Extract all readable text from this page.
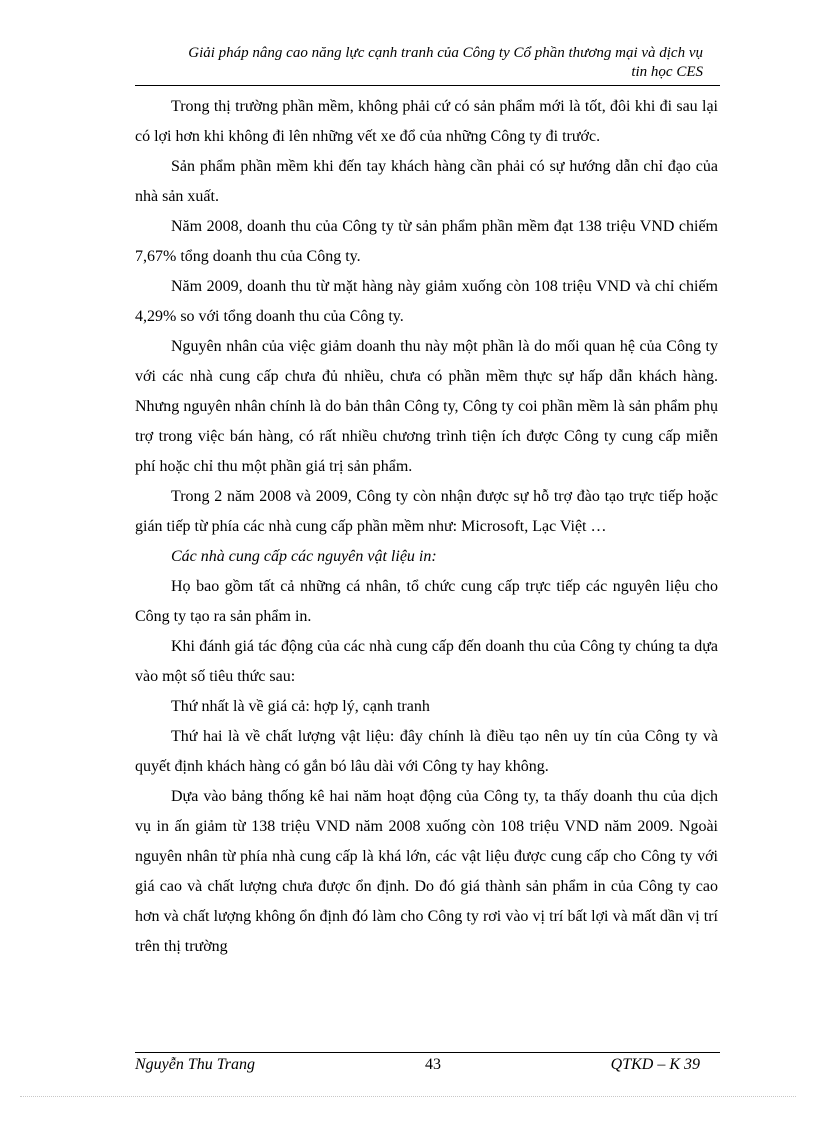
Giải pháp nâng cao năng lực cạnh tranh của Công ty Cổ phần thương mại và dịch vụ
tin học CES

Trong thị trường phần mềm, không phải cứ có sản phẩm mới là tốt, đôi khi đi sau lại có lợi hơn khi không đi lên những vết xe đổ của những Công ty đi trước.

Sản phẩm phần mềm khi đến tay khách hàng cần phải có sự hướng dẫn chỉ đạo của nhà sản xuất.

Năm 2008, doanh thu của Công ty từ sản phẩm phần mềm đạt 138 triệu VND chiếm 7,67% tổng doanh thu của Công ty.

Năm 2009, doanh thu từ mặt hàng này giảm xuống còn 108 triệu VND và chỉ chiếm 4,29% so với tổng doanh thu của Công ty.

Nguyên nhân của việc giảm doanh thu này một phần là do mối quan hệ của Công ty với các nhà cung cấp chưa đủ nhiều, chưa có phần mềm thực sự hấp dẫn khách hàng. Nhưng nguyên nhân chính là do bản thân Công ty, Công ty coi phần mềm là sản phẩm phụ trợ trong việc bán hàng, có rất nhiều chương trình tiện ích được Công ty cung cấp miễn phí hoặc chỉ thu một phần giá trị sản phẩm.

Trong 2 năm 2008 và 2009, Công ty còn nhận được sự hỗ trợ đào tạo trực tiếp hoặc gián tiếp từ phía các nhà cung cấp phần mềm như: Microsoft, Lạc Việt …

Các nhà cung cấp các nguyên vật liệu in:

Họ bao gồm tất cả những cá nhân, tổ chức cung cấp trực tiếp các nguyên liệu cho Công ty tạo ra sản phẩm in.

Khi đánh giá tác động của các nhà cung cấp đến doanh thu của Công ty chúng ta dựa vào một số tiêu thức sau:

Thứ nhất là về giá cả: hợp lý, cạnh tranh

Thứ hai là về chất lượng vật liệu: đây chính là điều tạo nên uy tín của Công ty và quyết định khách hàng có gắn bó lâu dài với Công ty hay không.

Dựa vào bảng thống kê hai năm hoạt động của Công ty, ta thấy doanh thu của dịch vụ in ấn giảm từ 138 triệu VND năm 2008 xuống còn 108 triệu VND năm 2009. Ngoài nguyên nhân từ phía nhà cung cấp là khá lớn, các vật liệu được cung cấp cho Công ty với giá cao và chất lượng chưa được ổn định. Do đó giá thành sản phẩm in của Công ty cao hơn và chất lượng không ổn định đó làm cho Công ty rơi vào vị trí bất lợi và mất dần vị trí trên thị trường

Nguyễn Thu Trang	43	QTKD – K 39
